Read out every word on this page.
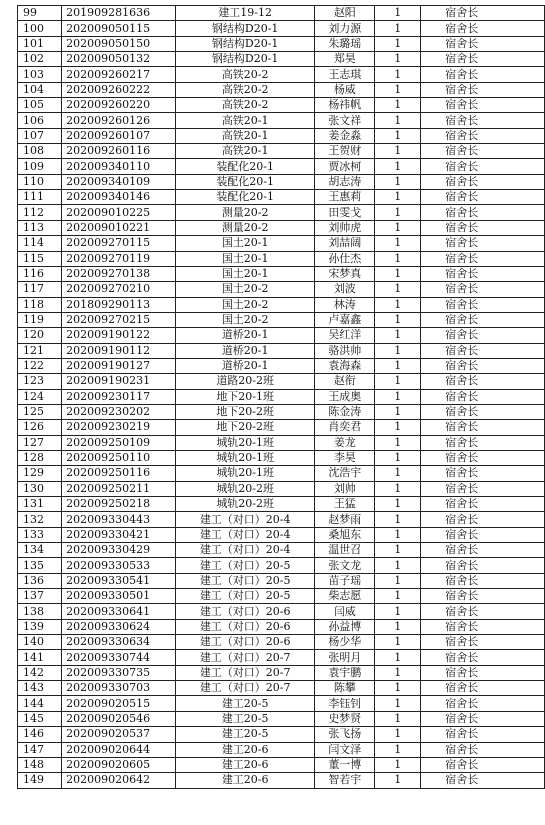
99	201909281636	建工19-12	赵阳	1	宿舍长
100	202009050115	钢结构D20-1	刘力源	1	宿舍长
101	202009050150	钢结构D20-1	朱璐瑶	1	宿舍长
102	202009050132	钢结构D20-1	郑昊	1	宿舍长
103	202009260217	高铁20-2	王志琪	1	宿舍长
104	202009260222	高铁20-2	杨威	1	宿舍长
105	202009260220	高铁20-2	杨祎帆	1	宿舍长
106	202009260126	高铁20-1	张文祥	1	宿舍长
107	202009260107	高铁20-1	姜金淼	1	宿舍长
108	202009260116	高铁20-1	王贺财	1	宿舍长
109	202009340110	装配化20-1	贾冰柯	1	宿舍长
110	202009340109	装配化20-1	胡志涛	1	宿舍长
111	202009340146	装配化20-1	王惠莉	1	宿舍长
112	202009010225	测量20-2	田雯戈	1	宿舍长
113	202009010221	测量20-2	刘帅虎	1	宿舍长
114	202009270115	国土20-1	刘喆阔	1	宿舍长
115	202009270119	国土20-1	孙仕杰	1	宿舍长
116	202009270138	国土20-1	宋梦真	1	宿舍长
117	202009270210	国土20-2	刘波	1	宿舍长
118	201809290113	国土20-2	林涛	1	宿舍长
119	202009270215	国土20-2	卢嘉鑫	1	宿舍长
120	202009190122	道桥20-1	吴红洋	1	宿舍长
121	202009190112	道桥20-1	骆洪帅	1	宿舍长
122	202009190127	道桥20-1	袁海森	1	宿舍长
123	202009190231	道路20-2班	赵衔	1	宿舍长
124	202009230117	地下20-1班	王成奥	1	宿舍长
125	202009230202	地下20-2班	陈金涛	1	宿舍长
126	202009230219	地下20-2班	肖奕君	1	宿舍长
127	202009250109	城轨20-1班	姜龙	1	宿舍长
128	202009250110	城轨20-1班	李昊	1	宿舍长
129	202009250116	城轨20-1班	沈浩宇	1	宿舍长
130	202009250211	城轨20-2班	刘帅	1	宿舍长
131	202009250218	城轨20-2班	王猛	1	宿舍长
132	202009330443	建工（对口）20-4	赵梦雨	1	宿舍长
133	202009330421	建工（对口）20-4	桑旭东	1	宿舍长
134	202009330429	建工（对口）20-4	温世召	1	宿舍长
135	202009330533	建工（对口）20-5	张文龙	1	宿舍长
136	202009330541	建工（对口）20-5	苗子瑶	1	宿舍长
137	202009330501	建工（对口）20-5	柴志愿	1	宿舍长
138	202009330641	建工（对口）20-6	闫威	1	宿舍长
139	202009330624	建工（对口）20-6	孙益博	1	宿舍长
140	202009330634	建工（对口）20-6	杨少华	1	宿舍长
141	202009330744	建工（对口）20-7	张明月	1	宿舍长
142	202009330735	建工（对口）20-7	袁宇鹏	1	宿舍长
143	202009330703	建工（对口）20-7	陈攀	1	宿舍长
144	202009020515	建工20-5	李钰钊	1	宿舍长
145	202009020546	建工20-5	史梦贤	1	宿舍长
146	202009020537	建工20-5	张飞扬	1	宿舍长
147	202009020644	建工20-6	闫文泽	1	宿舍长
148	202009020605	建工20-6	董一博	1	宿舍长
149	202009020642	建工20-6	智若宇	1	宿舍长
